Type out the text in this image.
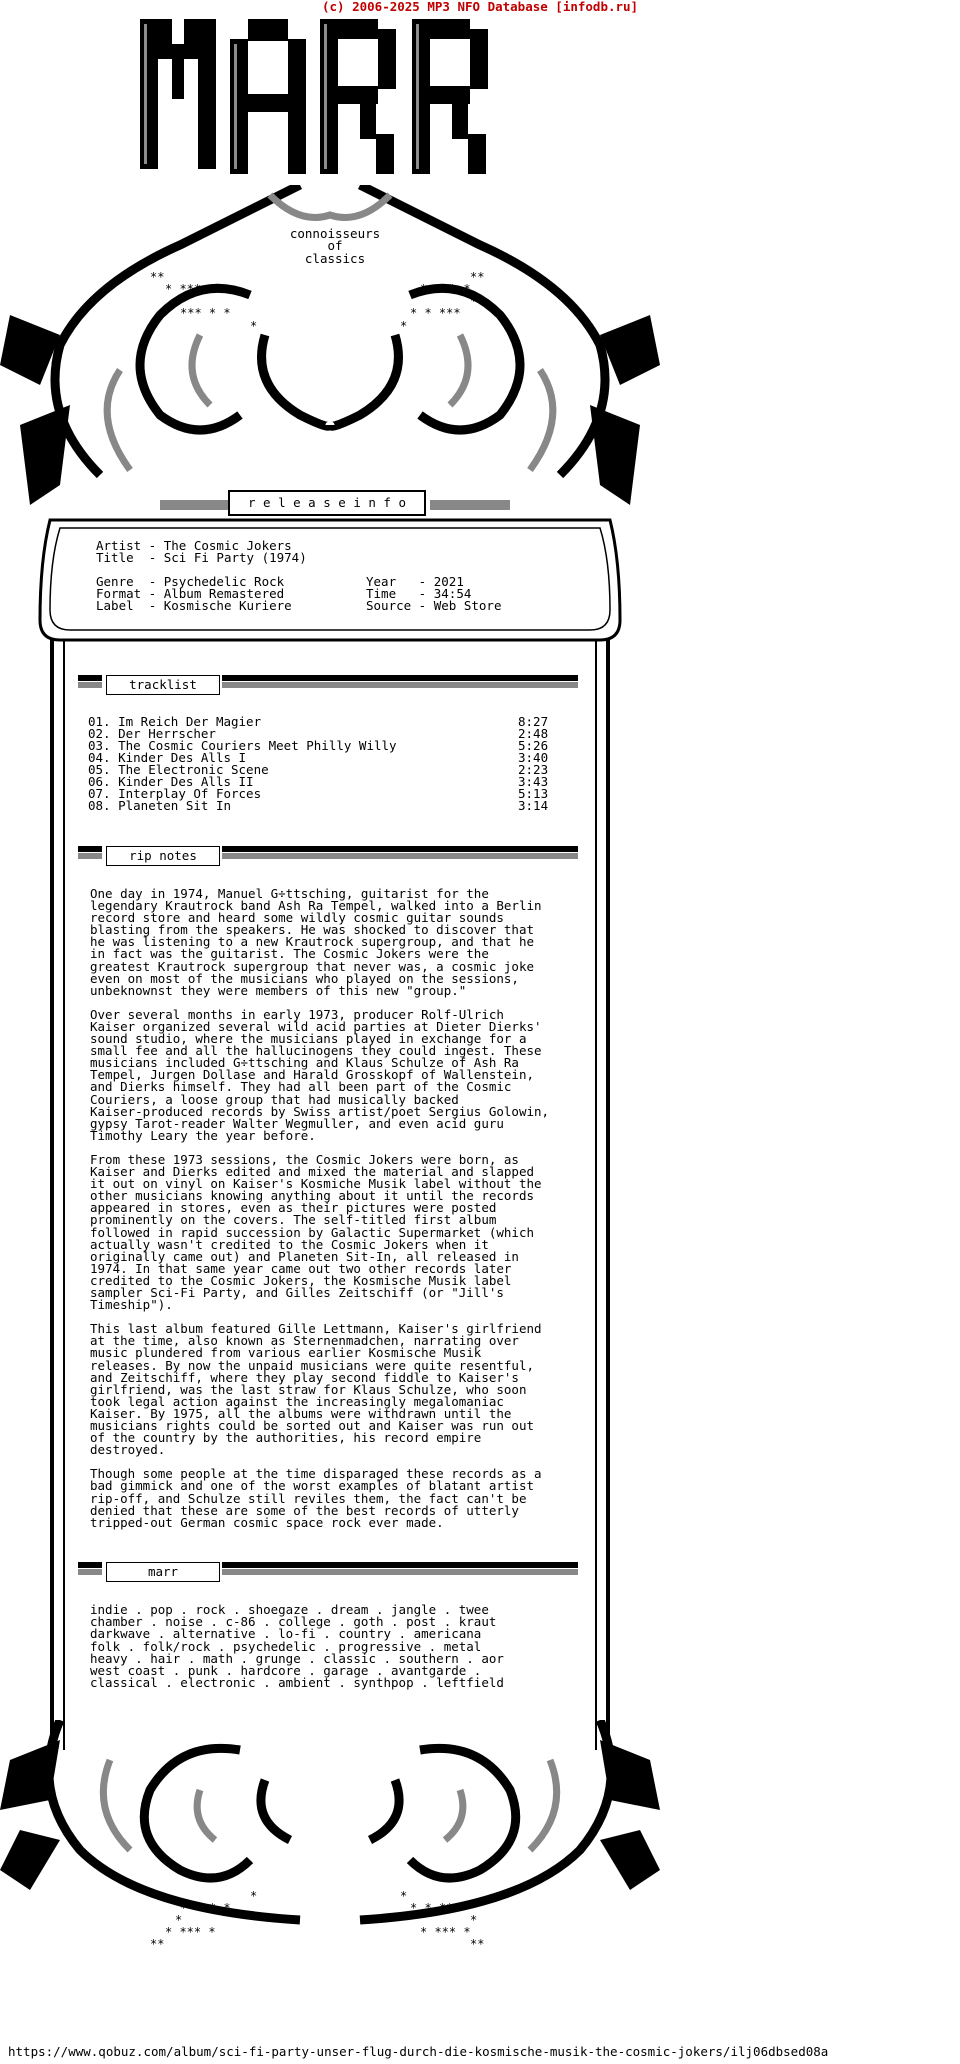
(c) 2006-2025 MP3 NFO Database [infodb.ru]
connoisseurs
of
classics
**
* *** *
*
*** * *
*
**
* *** *
*
* * ***
*
r e l e a s e i n f o
Artist - The Cosmic Jokers
Title  - Sci Fi Party (1974)
Genre  - Psychedelic Rock
Format - Album Remastered
Label  - Kosmische Kuriere
Year   - 2021
Time   - 34:54
Source - Web Store
tracklist
01. Im Reich Der Magier	8:27
02. Der Herrscher	2:48
03. The Cosmic Couriers Meet Philly Willy	5:26
04. Kinder Des Alls I	3:40
05. The Electronic Scene	2:23
06. Kinder Des Alls II	3:43
07. Interplay Of Forces	5:13
08. Planeten Sit In	3:14
rip notes
One day in 1974, Manuel G÷ttsching, guitarist for the
legendary Krautrock band Ash Ra Tempel, walked into a Berlin
record store and heard some wildly cosmic guitar sounds
blasting from the speakers. He was shocked to discover that
he was listening to a new Krautrock supergroup, and that he
in fact was the guitarist. The Cosmic Jokers were the
greatest Krautrock supergroup that never was, a cosmic joke
even on most of the musicians who played on the sessions,
unbeknownst they were members of this new "group."
Over several months in early 1973, producer Rolf-Ulrich
Kaiser organized several wild acid parties at Dieter Dierks'
sound studio, where the musicians played in exchange for a
small fee and all the hallucinogens they could ingest. These
musicians included G÷ttsching and Klaus Schulze of Ash Ra
Tempel, Jurgen Dollase and Harald Grosskopf of Wallenstein,
and Dierks himself. They had all been part of the Cosmic
Couriers, a loose group that had musically backed
Kaiser-produced records by Swiss artist/poet Sergius Golowin,
gypsy Tarot-reader Walter Wegmuller, and even acid guru
Timothy Leary the year before.
From these 1973 sessions, the Cosmic Jokers were born, as
Kaiser and Dierks edited and mixed the material and slapped
it out on vinyl on Kaiser's Kosmiche Musik label without the
other musicians knowing anything about it until the records
appeared in stores, even as their pictures were posted
prominently on the covers. The self-titled first album
followed in rapid succession by Galactic Supermarket (which
actually wasn't credited to the Cosmic Jokers when it
originally came out) and Planeten Sit-In, all released in
1974. In that same year came out two other records later
credited to the Cosmic Jokers, the Kosmische Musik label
sampler Sci-Fi Party, and Gilles Zeitschiff (or "Jill's
Timeship").
This last album featured Gille Lettmann, Kaiser's girlfriend
at the time, also known as Sternenmadchen, narrating over
music plundered from various earlier Kosmische Musik
releases. By now the unpaid musicians were quite resentful,
and Zeitschiff, where they play second fiddle to Kaiser's
girlfriend, was the last straw for Klaus Schulze, who soon
took legal action against the increasingly megalomaniac
Kaiser. By 1975, all the albums were withdrawn until the
musicians rights could be sorted out and Kaiser was run out
of the country by the authorities, his record empire
destroyed.
Though some people at the time disparaged these records as a
bad gimmick and one of the worst examples of blatant artist
rip-off, and Schulze still reviles them, the fact can't be
denied that these are some of the best records of utterly
tripped-out German cosmic space rock ever made.
marr
indie . pop . rock . shoegaze . dream . jangle . twee
chamber . noise . c-86 . college . goth . post . kraut
darkwave . alternative . lo-fi . country . americana
folk . folk/rock . psychedelic . progressive . metal
heavy . hair . math . grunge . classic . southern . aor
west coast . punk . hardcore . garage . avantgarde .
classical . electronic . ambient . synthpop . leftfield
*
*** * *
*
* *** *
**
*
* * ***
*
* *** *
**
https://www.qobuz.com/album/sci-fi-party-unser-flug-durch-die-kosmische-musik-the-cosmic-jokers/ilj06dbsed08a
